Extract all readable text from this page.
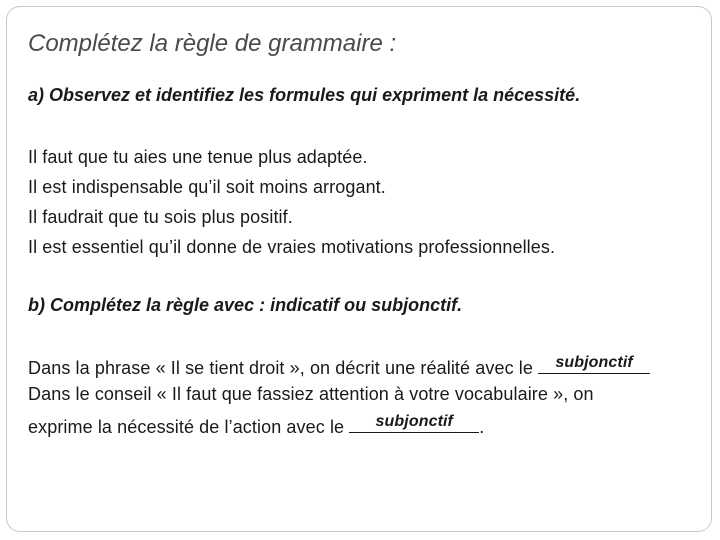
Complétez la règle de grammaire :
a) Observez et identifiez les formules qui expriment la nécessité.
Il faut que tu aies une tenue plus adaptée.
Il est indispensable qu’il soit moins arrogant.
Il faudrait que tu sois plus positif.
Il est essentiel qu’il donne de vraies motivations professionnelles.
b) Complétez la règle avec : indicatif ou subjonctif.
Dans la phrase « Il se tient droit », on décrit une réalité avec le	subjonctif
Dans le conseil « Il faut que fassiez attention à votre vocabulaire », on
exprime la nécessité de l’action avec le	subjonctif	.
